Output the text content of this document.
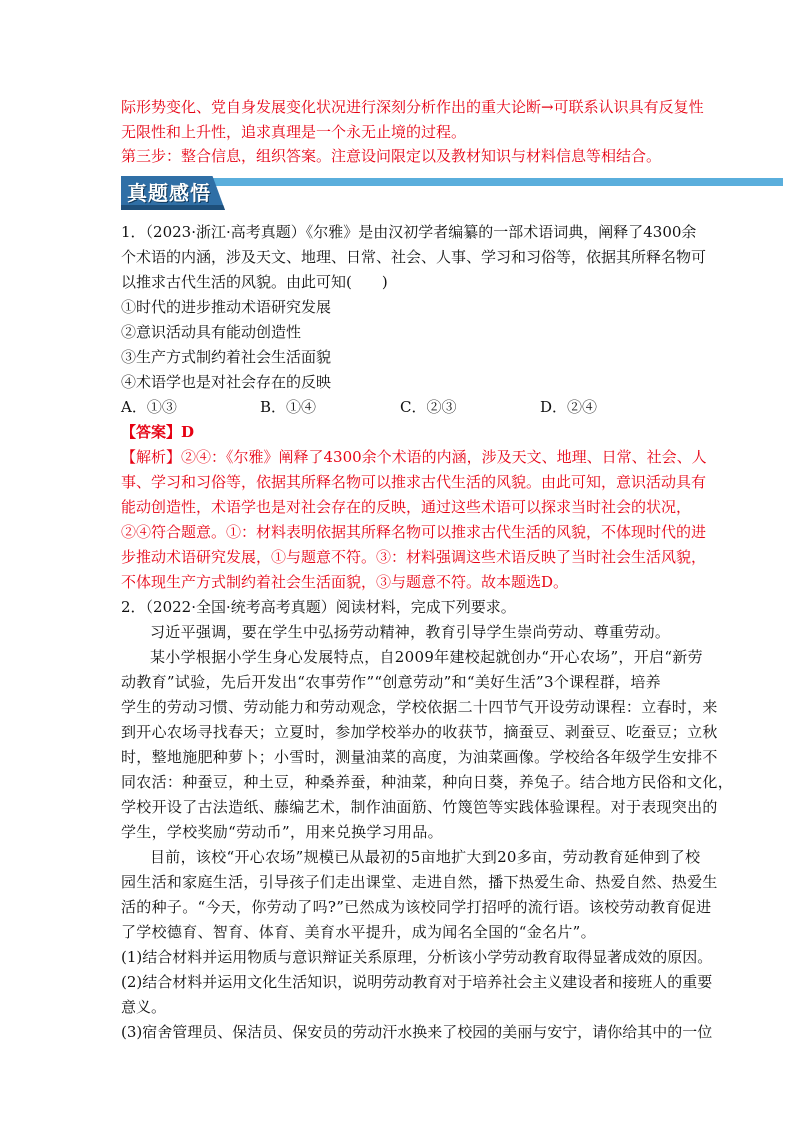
际形势变化、党自身发展变化状况进行深刻分析作出的重大论断→可联系认识具有反复性
无限性和上升性，追求真理是一个永无止境的过程。
第三步：整合信息，组织答案。注意设问限定以及教材知识与材料信息等相结合。
真题感悟
1．（2023·浙江·高考真题）《尔雅》是由汉初学者编纂的一部术语词典，阐释了4300余
个术语的内涵，涉及天文、地理、日常、社会、人事、学习和习俗等，依据其所释名物可
以推求古代生活的风貌。由此可知(　　)
①时代的进步推动术语研究发展
②意识活动具有能动创造性
③生产方式制约着社会生活面貌
④术语学也是对社会存在的反映
A．①③	B．①④	C．②③	D．②④
【答案】D
【解析】②④：《尔雅》阐释了4300余个术语的内涵，涉及天文、地理、日常、社会、人
事、学习和习俗等，依据其所释名物可以推求古代生活的风貌。由此可知，意识活动具有
能动创造性，术语学也是对社会存在的反映，通过这些术语可以探求当时社会的状况，
②④符合题意。①：材料表明依据其所释名物可以推求古代生活的风貌，不体现时代的进
步推动术语研究发展，①与题意不符。③：材料强调这些术语反映了当时社会生活风貌，
不体现生产方式制约着社会生活面貌，③与题意不符。故本题选D。
2．（2022·全国·统考高考真题）阅读材料，完成下列要求。
习近平强调，要在学生中弘扬劳动精神，教育引导学生崇尚劳动、尊重劳动。
某小学根据小学生身心发展特点，自2009年建校起就创办“开心农场”，开启“新劳
动教育”试验，先后开发出“农事劳作”“创意劳动”和“美好生活”3个课程群，培养
学生的劳动习惯、劳动能力和劳动观念，学校依据二十四节气开设劳动课程：立春时，来
到开心农场寻找春天；立夏时，参加学校举办的收获节，摘蚕豆、剥蚕豆、吃蚕豆；立秋
时，整地施肥种萝卜；小雪时，测量油菜的高度，为油菜画像。学校给各年级学生安排不
同农活：种蚕豆，种土豆，种桑养蚕，种油菜，种向日葵，养兔子。结合地方民俗和文化，
学校开设了古法造纸、藤编艺术，制作油面筋、竹篾笆等实践体验课程。对于表现突出的
学生，学校奖励“劳动币”，用来兑换学习用品。
目前，该校“开心农场”规模已从最初的5亩地扩大到20多亩，劳动教育延伸到了校
园生活和家庭生活，引导孩子们走出课堂、走进自然，播下热爱生命、热爱自然、热爱生
活的种子。“今天，你劳动了吗?”已然成为该校同学打招呼的流行语。该校劳动教育促进
了学校德育、智育、体育、美育水平提升，成为闻名全国的“金名片”。
(1)结合材料并运用物质与意识辩证关系原理，分析该小学劳动教育取得显著成效的原因。
(2)结合材料并运用文化生活知识，说明劳动教育对于培养社会主义建设者和接班人的重要
意义。
(3)宿舍管理员、保洁员、保安员的劳动汗水换来了校园的美丽与安宁，请你给其中的一位
